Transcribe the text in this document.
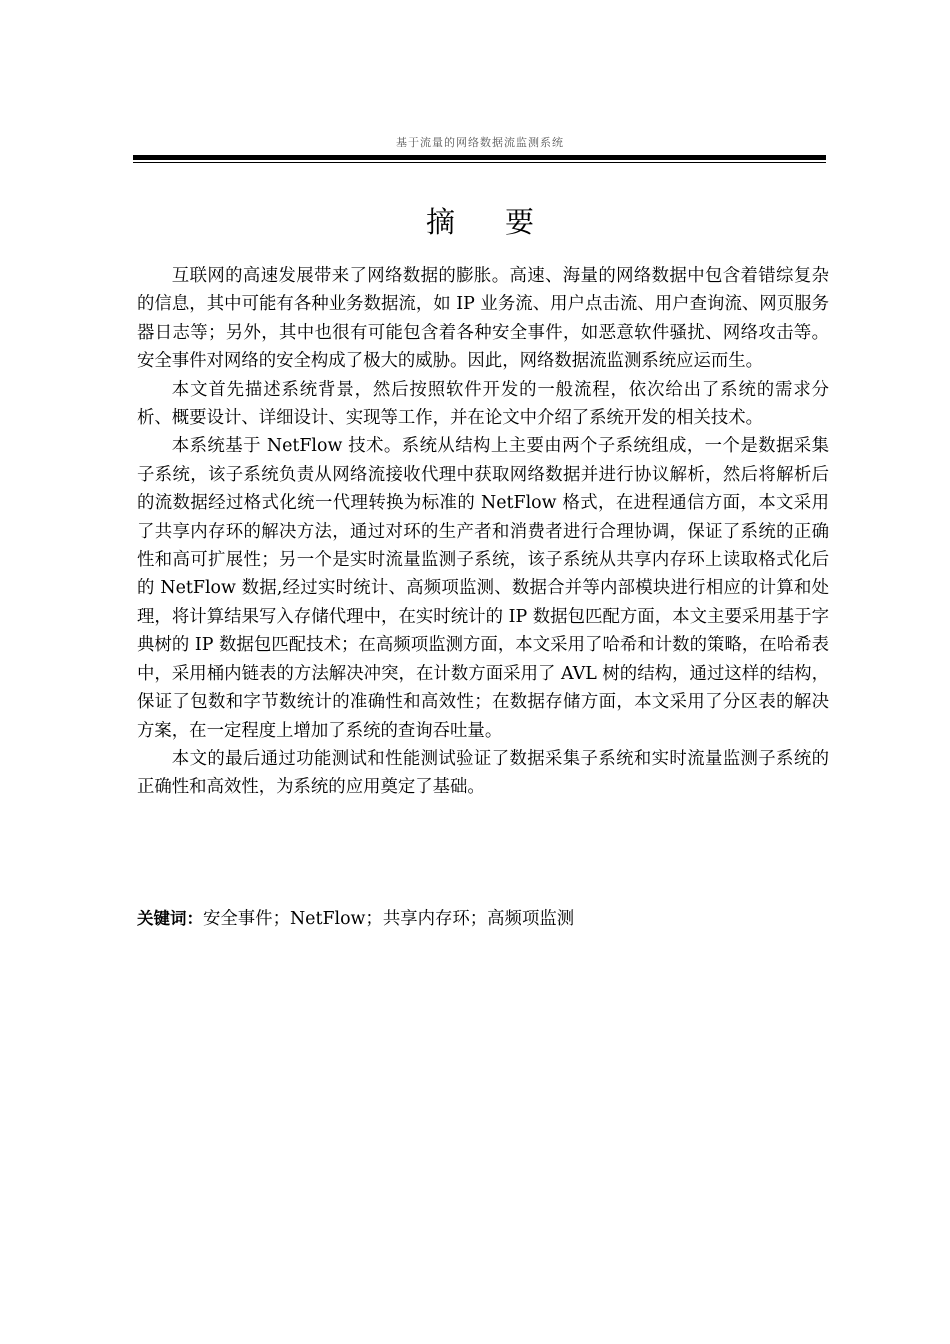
基于流量的网络数据流监测系统
摘 要

互联网的高速发展带来了网络数据的膨胀。高速、海量的网络数据中包含着错综复杂的信息，其中可能有各种业务数据流，如 IP 业务流、用户点击流、用户查询流、网页服务器日志等；另外，其中也很有可能包含着各种安全事件，如恶意软件骚扰、网络攻击等。安全事件对网络的安全构成了极大的威胁。因此，网络数据流监测系统应运而生。

本文首先描述系统背景，然后按照软件开发的一般流程，依次给出了系统的需求分析、概要设计、详细设计、实现等工作，并在论文中介绍了系统开发的相关技术。

本系统基于 NetFlow 技术。系统从结构上主要由两个子系统组成，一个是数据采集子系统，该子系统负责从网络流接收代理中获取网络数据并进行协议解析，然后将解析后的流数据经过格式化统一代理转换为标准的 NetFlow 格式，在进程通信方面，本文采用了共享内存环的解决方法，通过对环的生产者和消费者进行合理协调，保证了系统的正确性和高可扩展性；另一个是实时流量监测子系统，该子系统从共享内存环上读取格式化后的 NetFlow 数据,经过实时统计、高频项监测、数据合并等内部模块进行相应的计算和处理，将计算结果写入存储代理中，在实时统计的 IP 数据包匹配方面，本文主要采用基于字典树的 IP 数据包匹配技术；在高频项监测方面，本文采用了哈希和计数的策略，在哈希表中，采用桶内链表的方法解决冲突，在计数方面采用了 AVL 树的结构，通过这样的结构，保证了包数和字节数统计的准确性和高效性；在数据存储方面，本文采用了分区表的解决方案，在一定程度上增加了系统的查询吞吐量。

本文的最后通过功能测试和性能测试验证了数据采集子系统和实时流量监测子系统的正确性和高效性，为系统的应用奠定了基础。

关键词：安全事件；NetFlow；共享内存环；高频项监测
